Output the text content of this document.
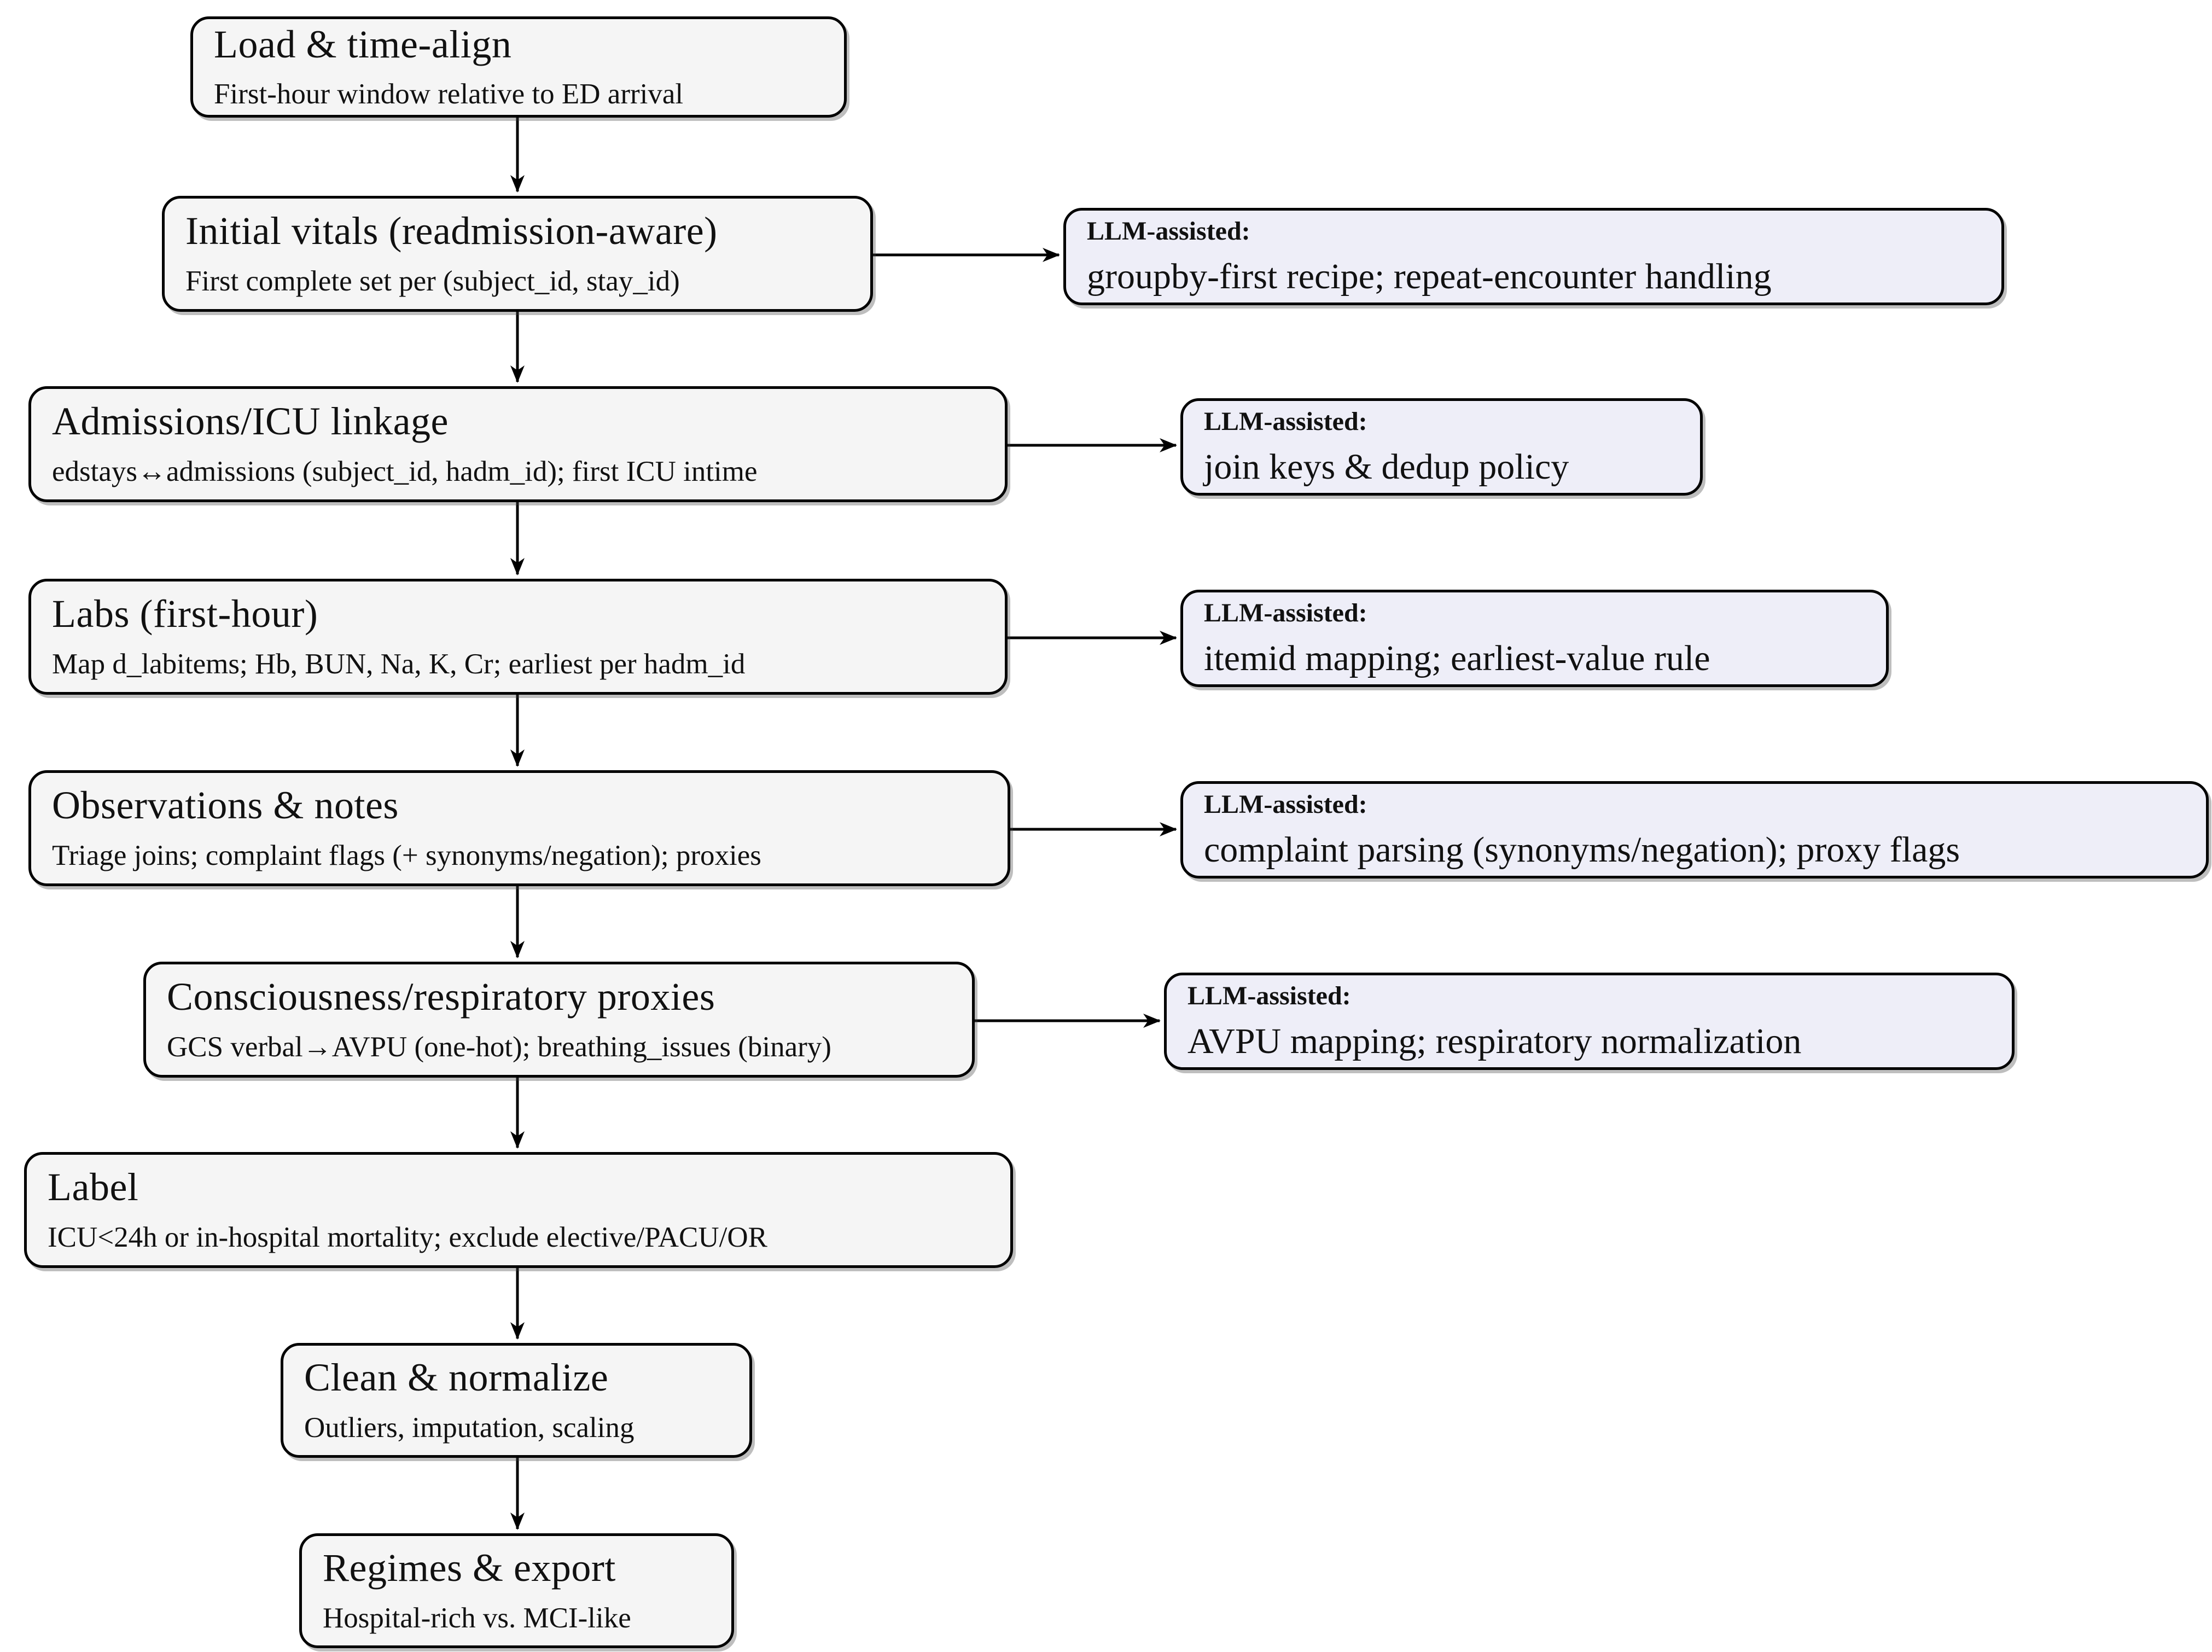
Load & time-align
First-hour window relative to ED arrival
Initial vitals (readmission-aware)
First complete set per (subject_id, stay_id)
Admissions/ICU linkage
edstays↔admissions (subject_id, hadm_id); first ICU intime
Labs (first-hour)
Map d_labitems; Hb, BUN, Na, K, Cr; earliest per hadm_id
Observations & notes
Triage joins; complaint flags (+ synonyms/negation); proxies
Consciousness/respiratory proxies
GCS verbal→AVPU (one-hot); breathing_issues (binary)
Label
ICU<24h or in-hospital mortality; exclude elective/PACU/OR
Clean & normalize
Outliers, imputation, scaling
Regimes & export
Hospital-rich vs. MCI-like
LLM-assisted:
groupby-first recipe; repeat-encounter handling
LLM-assisted:
join keys & dedup policy
LLM-assisted:
itemid mapping; earliest-value rule
LLM-assisted:
complaint parsing (synonyms/negation); proxy flags
LLM-assisted:
AVPU mapping; respiratory normalization
